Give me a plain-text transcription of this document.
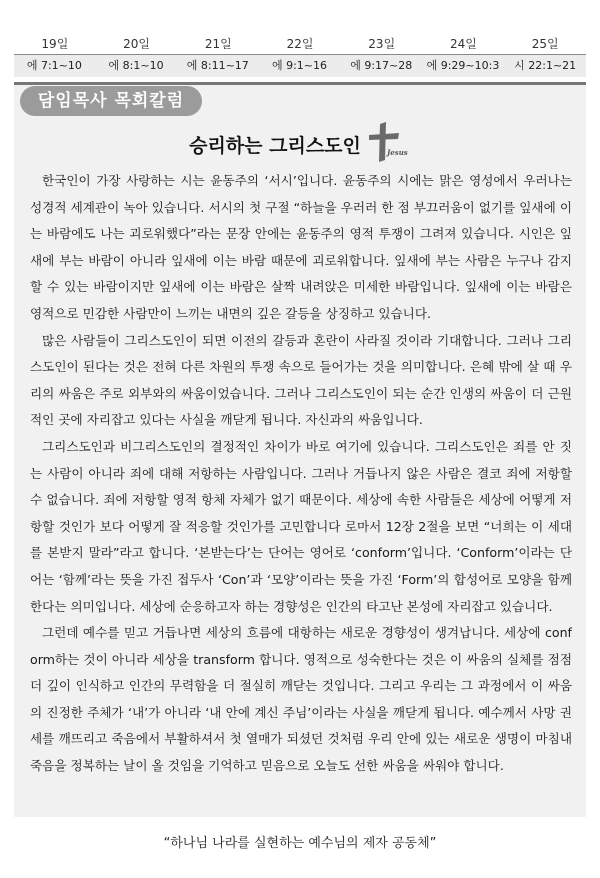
19일
에 7:1~10
20일
에 8:1~10
21일
에 8:11~17
22일
에 9:1~16
23일
에 9:17~28
24일
에 9:29~10:3
25일
시 22:1~21
담임목사 목회칼럼
승리하는 그리스도인	Jesus

한국인이 가장 사랑하는 시는 윤동주의 ‘서시’입니다. 윤동주의 시에는 맑은 영성에서 우러나는 성경적 세계관이 녹아 있습니다. 서시의 첫 구절 “하늘을 우러러 한 점 부끄러움이 없기를 잎새에 이는 바람에도 나는 괴로워했다”라는 문장 안에는 윤동주의 영적 투쟁이 그려져 있습니다. 시인은 잎새에 부는 바람이 아니라 잎새에 이는 바람 때문에 괴로워합니다. 잎새에 부는 사람은 누구나 감지할 수 있는 바람이지만 잎새에 이는 바람은 살짝 내려앉은 미세한 바람입니다. 잎새에 이는 바람은 영적으로 민감한 사람만이 느끼는 내면의 깊은 갈등을 상징하고 있습니다.

많은 사람들이 그리스도인이 되면 이전의 갈등과 혼란이 사라질 것이라 기대합니다. 그러나 그리스도인이 된다는 것은 전혀 다른 차원의 투쟁 속으로 들어가는 것을 의미합니다. 은혜 밖에 살 때 우리의 싸움은 주로 외부와의 싸움이었습니다. 그러나 그리스도인이 되는 순간 인생의 싸움이 더 근원적인 곳에 자리잡고 있다는 사실을 깨닫게 됩니다. 자신과의 싸움입니다.

그리스도인과 비그리스도인의 결정적인 차이가 바로 여기에 있습니다. 그리스도인은 죄를 안 짓는 사람이 아니라 죄에 대해 저항하는 사람입니다. 그러나 거듭나지 않은 사람은 결코 죄에 저항할 수 없습니다. 죄에 저항할 영적 항체 자체가 없기 때문이다. 세상에 속한 사람들은 세상에 어떻게 저항할 것인가 보다 어떻게 잘 적응할 것인가를 고민합니다 로마서 12장 2절을 보면 “너희는 이 세대를 본받지 말라”라고 합니다. ‘본받는다’는 단어는 영어로 ‘conform’입니다. ‘Conform’이라는 단어는 ‘함께’라는 뜻을 가진 접두사 ‘Con’과 ‘모양’이라는 뜻을 가진 ‘Form’의 합성어로 모양을 함께 한다는 의미입니다. 세상에 순응하고자 하는 경향성은 인간의 타고난 본성에 자리잡고 있습니다.

그런데 예수를 믿고 거듭나면 세상의 흐름에 대항하는 새로운 경향성이 생겨납니다. 세상에 conform하는 것이 아니라 세상을 transform 합니다. 영적으로 성숙한다는 것은 이 싸움의 실체를 점점 더 깊이 인식하고 인간의 무력함을 더 절실히 깨닫는 것입니다. 그리고 우리는 그 과정에서 이 싸움의 진정한 주체가 ‘내’가 아니라 ‘내 안에 계신 주님’이라는 사실을 깨닫게 됩니다. 예수께서 사망 권세를 깨뜨리고 죽음에서 부활하셔서 첫 열매가 되셨던 것처럼 우리 안에 있는 새로운 생명이 마침내 죽음을 정복하는 날이 올 것임을 기억하고 믿음으로 오늘도 선한 싸움을 싸워야 합니다.

“하나님 나라를 실현하는 예수님의 제자 공동체”
